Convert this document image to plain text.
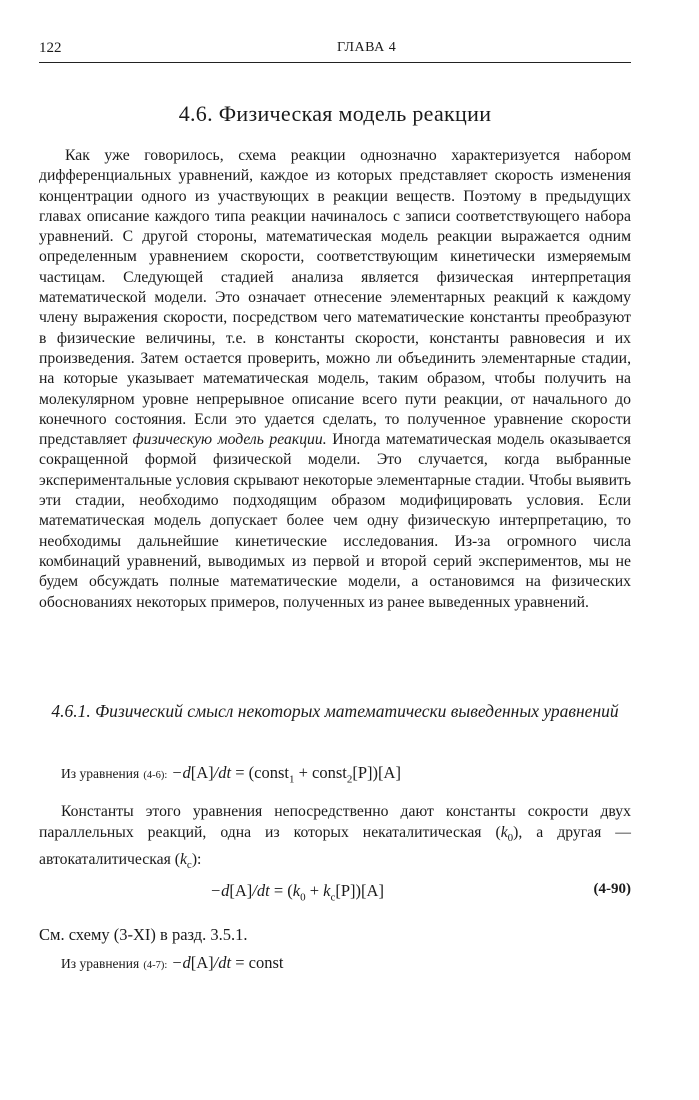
122	ГЛАВА 4
4.6. Физическая модель реакции

Как уже говорилось, схема реакции однозначно характеризуется набором дифференциальных уравнений, каждое из которых представляет скорость изменения концентрации одного из участвующих в реакции веществ. Поэтому в предыдущих главах описание каждого типа реакции начиналось с записи соответствующего набора уравнений. С другой стороны, математическая модель реакции выражается одним определенным уравнением скорости, соответствующим кинетически измеряемым частицам. Следующей стадией анализа является физическая интерпретация математической модели. Это означает отнесение элементарных реакций к каждому члену выражения скорости, посредством чего математические константы преобразуют в физические величины, т.е. в константы скорости, константы равновесия и их произведения. Затем остается проверить, можно ли объединить элементарные стадии, на которые указывает математическая модель, таким образом, чтобы получить на молекулярном уровне непрерывное описание всего пути реакции, от начального до конечного состояния. Если это удается сделать, то полученное уравнение скорости представляет физическую модель реакции. Иногда математическая модель оказывается сокращенной формой физической модели. Это случается, когда выбранные экспериментальные условия скрывают некоторые элементарные стадии. Чтобы выявить эти стадии, необходимо подходящим образом модифицировать условия. Если математическая модель допускает более чем одну физическую интерпретацию, то необходимы дальнейшие кинетические исследования. Из-за огромного числа комбинаций уравнений, выводимых из первой и второй серий экспериментов, мы не будем обсуждать полные математические модели, а остановимся на физических обоснованиях некоторых примеров, полученных из ранее выведенных уравнений.

4.6.1. Физический смысл некоторых математически выведенных уравнений

Из уравнения (4-6): −d[A]/dt = (const$_1$ + const$_2$[P])[A]

Константы этого уравнения непосредственно дают константы сокрости двух параллельных реакций, одна из которых некаталитическая $(k_0)$, а другая — автокаталитическая $(k_c)$:

$-d[A]/dt = (k_0 + k_c[P])[A]$	(4-90)
См. схему (3-XI) в разд. 3.5.1.
Из уравнения (4-7): −d[A]/dt = const
